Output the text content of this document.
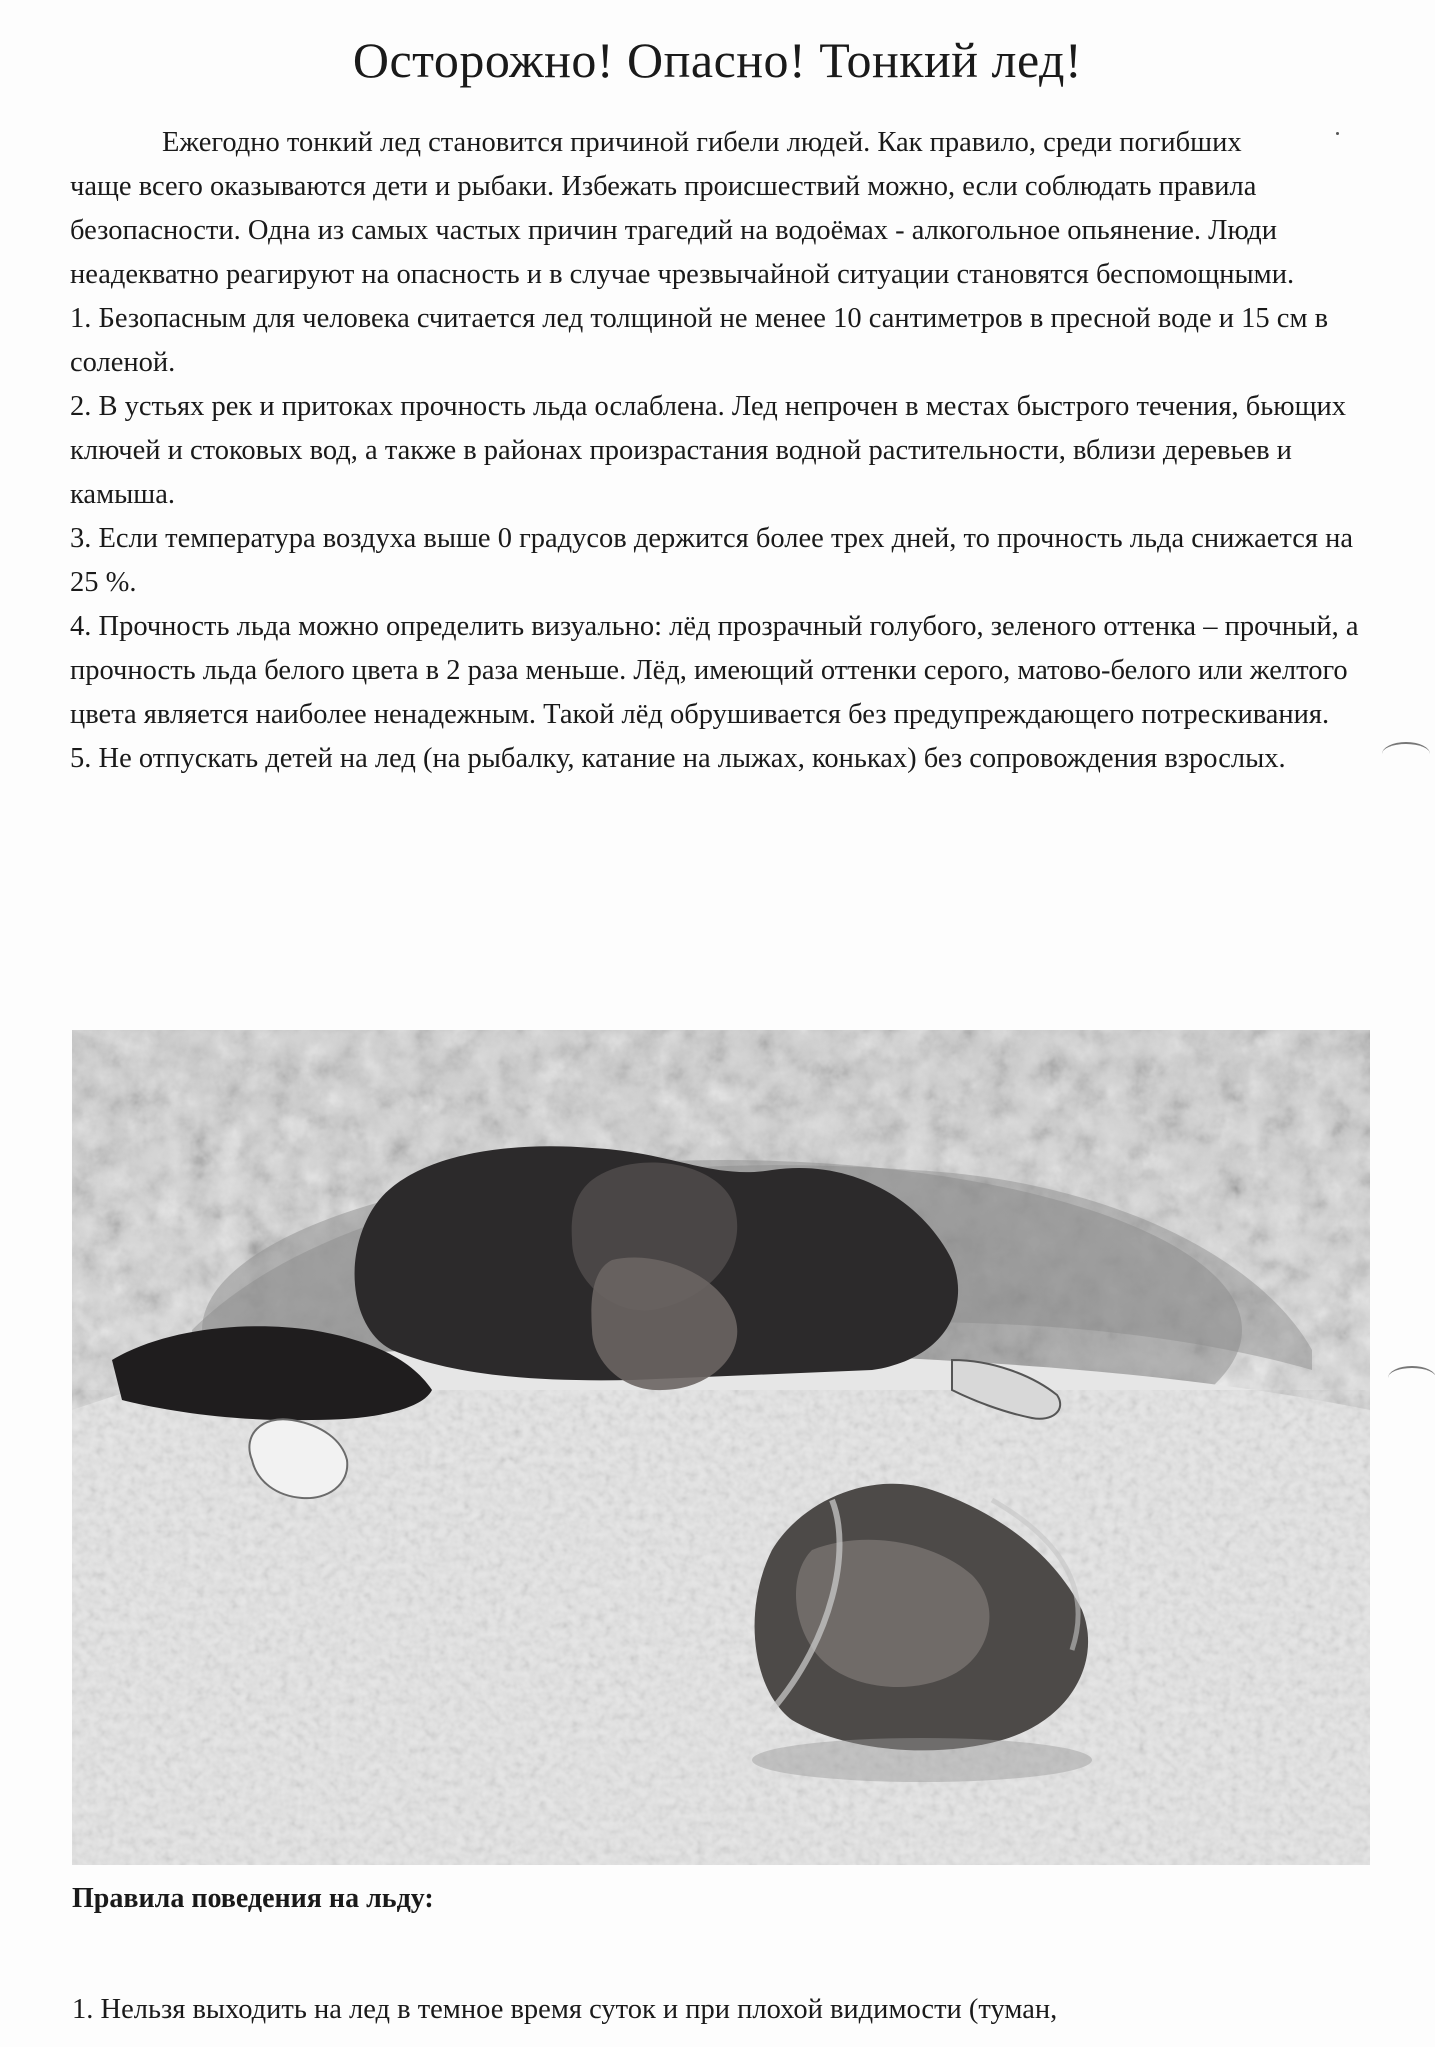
Осторожно! Опасно! Тонкий лед!

Ежегодно тонкий лед становится причиной гибели людей. Как правило, среди погибших чаще всего оказываются дети и рыбаки. Избежать происшествий можно, если соблюдать правила безопасности. Одна из самых частых причин трагедий на водоёмах - алкогольное опьянение. Люди неадекватно реагируют на опасность и в случае чрезвычайной ситуации становятся беспомощными.

1. Безопасным для человека считается лед толщиной не менее 10 сантиметров в пресной воде и 15 см в соленой.

2. В устьях рек и притоках прочность льда ослаблена. Лед непрочен в местах быстрого течения, бьющих ключей и стоковых вод, а также в районах произрастания водной растительности, вблизи деревьев и камыша.

3. Если температура воздуха выше 0 градусов держится более трех дней, то прочность льда снижается на 25 %.

4. Прочность льда можно определить визуально: лёд прозрачный голубого, зеленого оттенка – прочный, а прочность льда белого цвета в 2 раза меньше. Лёд, имеющий оттенки серого, матово-белого или желтого цвета является наиболее ненадежным. Такой лёд обрушивается без предупреждающего потрескивания.

5. Не отпускать детей на лед (на рыбалку, катание на лыжах, коньках) без сопровождения взрослых.

Правила поведения на льду:

1. Нельзя выходить на лед в темное время суток и при плохой видимости (туман,
